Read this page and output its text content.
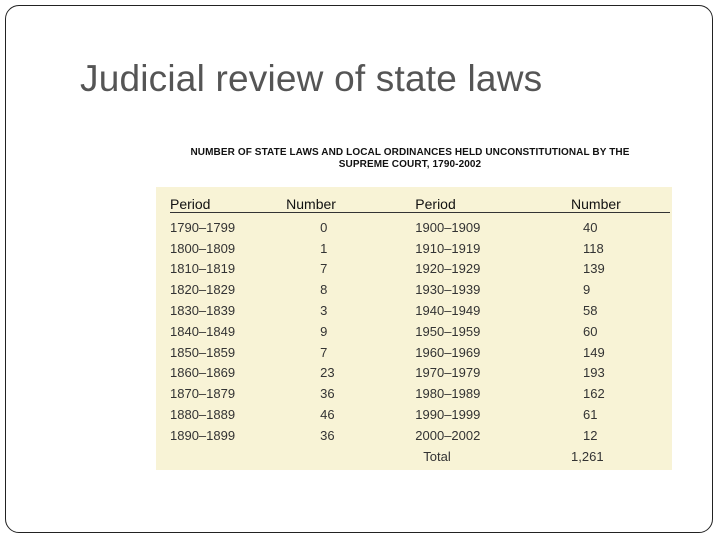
Judicial review of state laws
NUMBER OF STATE LAWS AND LOCAL ORDINANCES HELD UNCONSTITUTIONAL BY THE
SUPREME COURT, 1790-2002
Period	Number	Period	Number
1790–1799	0	1900–1909	40
1800–1809	1	1910–1919	118
1810–1819	7	1920–1929	139
1820–1829	8	1930–1939	9
1830–1839	3	1940–1949	58
1840–1849	9	1950–1959	60
1850–1859	7	1960–1969	149
1860–1869	23	1970–1979	193
1870–1879	36	1980–1989	162
1880–1889	46	1990–1999	61
1890–1899	36	2000–2002	12
		Total	1,261
